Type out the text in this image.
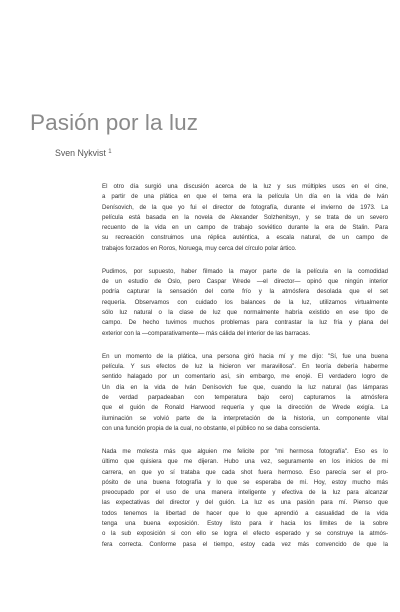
Pasión por la luz
Sven Nykvist $^1$
El otro día surgió una discusión acerca de la luz y sus múltiples usos en el cine,
a partir de una plática en que el tema era la película Un día en la vida de Iván
Denísovich, de la que yo fui el director de fotografía, durante el invierno de 1973. La
película está basada en la novela de Alexander Solzhenitsyn, y se trata de un severo
recuento de la vida en un campo de trabajo soviético durante la era de Stalin. Para
su recreación construimos una réplica auténtica, a escala natural, de un campo de
trabajos forzados en Roros, Noruega, muy cerca del círculo polar ártico.
Pudimos, por supuesto, haber filmado la mayor parte de la película en la comodidad
de un estudio de Oslo, pero Caspar Wrede —el director— opinó que ningún interior
podría capturar la sensación del corte frío y la atmósfera desolada que el set
requería. Observamos con cuidado los balances de la luz, utilizamos virtualmente
sólo luz natural o la clase de luz que normalmente habría existido en ese tipo de
campo. De hecho tuvimos muchos problemas para contrastar la luz fría y plana del
exterior con la —comparativamente— más cálida del interior de las barracas.
En un momento de la plática, una persona giró hacia mí y me dijo: "Sí, fue una buena
película. Y sus efectos de luz la hicieron ver maravillosa". En teoría debería haberme
sentido halagado por un comentario así, sin embargo, me enojé. El verdadero logro de
Un día en la vida de Iván Denísovich fue que, cuando la luz natural (las lámparas
de verdad parpadeaban con temperatura bajo cero) capturamos la atmósfera
que el guión de Ronald Harwood requería y que la dirección de Wrede exigía. La
iluminación se volvió parte de la interpretación de la historia, un componente vital
con una función propia de la cual, no obstante, el público no se daba conscienta.
Nada me molesta más que alguien me felicite por "mi hermosa fotografía". Eso es lo
último que quisiera que me dijeran. Hubo una vez, seguramente en los inicios de mi
carrera, en que yo sí trataba que cada shot fuera hermoso. Eso parecía ser el pro-
pósito de una buena fotografía y lo que se esperaba de mí. Hoy, estoy mucho más
preocupado por el uso de una manera inteligente y efectiva de la luz para alcanzar
las expectativas del director y del guión. La luz es una pasión para mí. Pienso que
todos tenemos la libertad de hacer que lo que aprendió a casualidad de la vida
tenga una buena exposición. Estoy listo para ir hacia los límites de la sobre
o la sub exposición si con ello se logra el efecto esperado y se construye la atmós-
fera correcta. Conforme pasa el tiempo, estoy cada vez más convencido de que la
